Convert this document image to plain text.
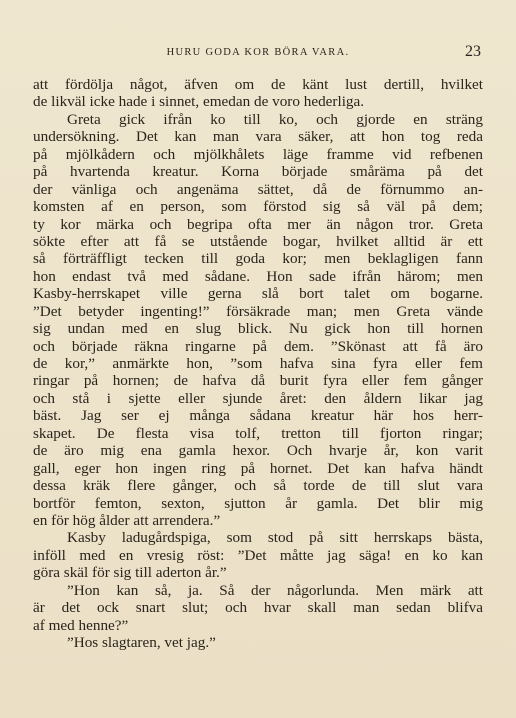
HURU GODA KOR BÖRA VARA.	23
att fördölja något, äfven om de känt lust dertill, hvilket
de likväl icke hade i sinnet, emedan de voro hederliga.
Greta gick ifrån ko till ko, och gjorde en sträng
undersökning. Det kan man vara säker, att hon tog reda
på mjölkådern och mjölkhålets läge framme vid refbenen
på hvartenda kreatur. Korna började småräma på det
der vänliga och angenäma sättet, då de förnummo an-
komsten af en person, som förstod sig så väl på dem;
ty kor märka och begripa ofta mer än någon tror. Greta
sökte efter att få se utstående bogar, hvilket alltid är ett
så förträffligt tecken till goda kor; men beklagligen fann
hon endast två med sådane. Hon sade ifrån härom; men
Kasby-herrskapet ville gerna slå bort talet om bogarne.
”Det betyder ingenting!” försäkrade man; men Greta vände
sig undan med en slug blick. Nu gick hon till hornen
och började räkna ringarne på dem. ”Skönast att få äro
de kor,” anmärkte hon, ”som hafva sina fyra eller fem
ringar på hornen; de hafva då burit fyra eller fem gånger
och stå i sjette eller sjunde året: den åldern likar jag
bäst. Jag ser ej många sådana kreatur här hos herr-
skapet. De flesta visa tolf, tretton till fjorton ringar;
de äro mig ena gamla hexor. Och hvarje år, kon varit
gall, eger hon ingen ring på hornet. Det kan hafva händt
dessa kräk flere gånger, och så torde de till slut vara
bortför femton, sexton, sjutton år gamla. Det blir mig
en för hög ålder att arrendera.”
Kasby ladugårdspiga, som stod på sitt herrskaps bästa,
inföll med en vresig röst: ”Det måtte jag säga! en ko kan
göra skäl för sig till aderton år.”
”Hon kan så, ja. Så der någorlunda. Men märk att
är det ock snart slut; och hvar skall man sedan blifva
af med henne?”
”Hos slagtaren, vet jag.”
